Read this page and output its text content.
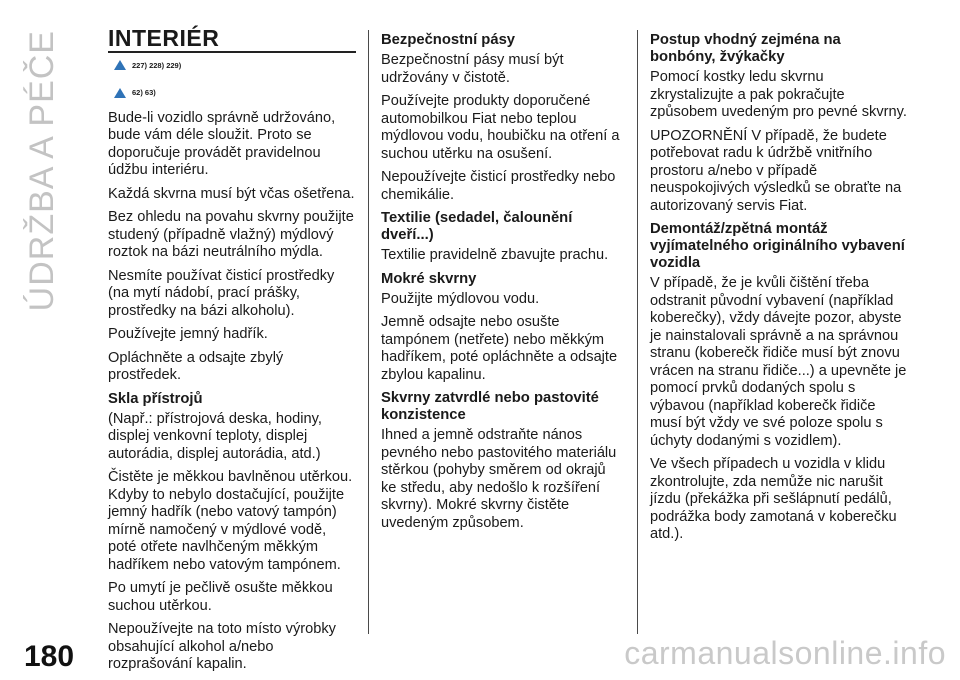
ÚDRŽBA A PÉČE INTERIÉR
227) 228) 229)
62) 63)

Bude-li vozidlo správně udržováno, bude vám déle sloužit. Proto se doporučuje provádět pravidelnou údžbu interiéru.

Každá skvrna musí být včas ošetřena.

Bez ohledu na povahu skvrny použijte studený (případně vlažný) mýdlový roztok na bázi neutrálního mýdla.

Nesmíte používat čisticí prostředky (na mytí nádobí, prací prášky, prostředky na bázi alkoholu).

Používejte jemný hadřík.

Opláchněte a odsajte zbylý prostředek.

Skla přístrojů

(Např.: přístrojová deska, hodiny, displej venkovní teploty, displej autorádia, displej autorádia, atd.)

Čistěte je měkkou bavlněnou utěrkou. Kdyby to nebylo dostačující, použijte jemný hadřík (nebo vatový tampón) mírně namočený v mýdlové vodě, poté otřete navlhčeným měkkým hadříkem nebo vatovým tampónem.

Po umytí je pečlivě osušte měkkou suchou utěrkou.

Nepoužívejte na toto místo výrobky obsahující alkohol a/nebo rozprašování kapalin.

Bezpečnostní pásy

Bezpečnostní pásy musí být udržovány v čistotě.

Používejte produkty doporučené automobilkou Fiat nebo teplou mýdlovou vodu, houbičku na otření a suchou utěrku na osušení.

Nepoužívejte čisticí prostředky nebo chemikálie.

Textilie (sedadel, čalounění dveří...)

Textilie pravidelně zbavujte prachu.

Mokré skvrny

Použijte mýdlovou vodu.

Jemně odsajte nebo osušte tampónem (netřete) nebo měkkým hadříkem, poté opláchněte a odsajte zbylou kapalinu.

Skvrny zatvrdlé nebo pastovité konzistence

Ihned a jemně odstraňte nános pevného nebo pastovitého materiálu stěrkou (pohyby směrem od okrajů ke středu, aby nedošlo k rozšíření skvrny). Mokré skvrny čistěte uvedeným způsobem.

Postup vhodný zejména na bonbóny, žvýkačky

Pomocí kostky ledu skvrnu zkrystalizujte a pak pokračujte způsobem uvedeným pro pevné skvrny.

UPOZORNĚNÍ V případě, že budete potřebovat radu k údržbě vnitřního prostoru a/nebo v případě neuspokojivých výsledků se obraťte na autorizovaný servis Fiat.

Demontáž/zpětná montáž vyjímatelného originálního vybavení vozidla

V případě, že je kvůli čištění třeba odstranit původní vybavení (například koberečky), vždy dávejte pozor, abyste je nainstalovali správně a na správnou stranu (koberečk řidiče musí být znovu vrácen na stranu řidiče...) a upevněte je pomocí prvků dodaných spolu s výbavou (například koberečk řidiče musí být vždy ve své poloze spolu s úchyty dodanými s vozidlem).

Ve všech případech u vozidla v klidu zkontrolujte, zda nemůže nic narušit jízdu (překážka při sešlápnutí pedálů, podrážka body zamotaná v koberečku atd.).

180	carmanualsonline.info
